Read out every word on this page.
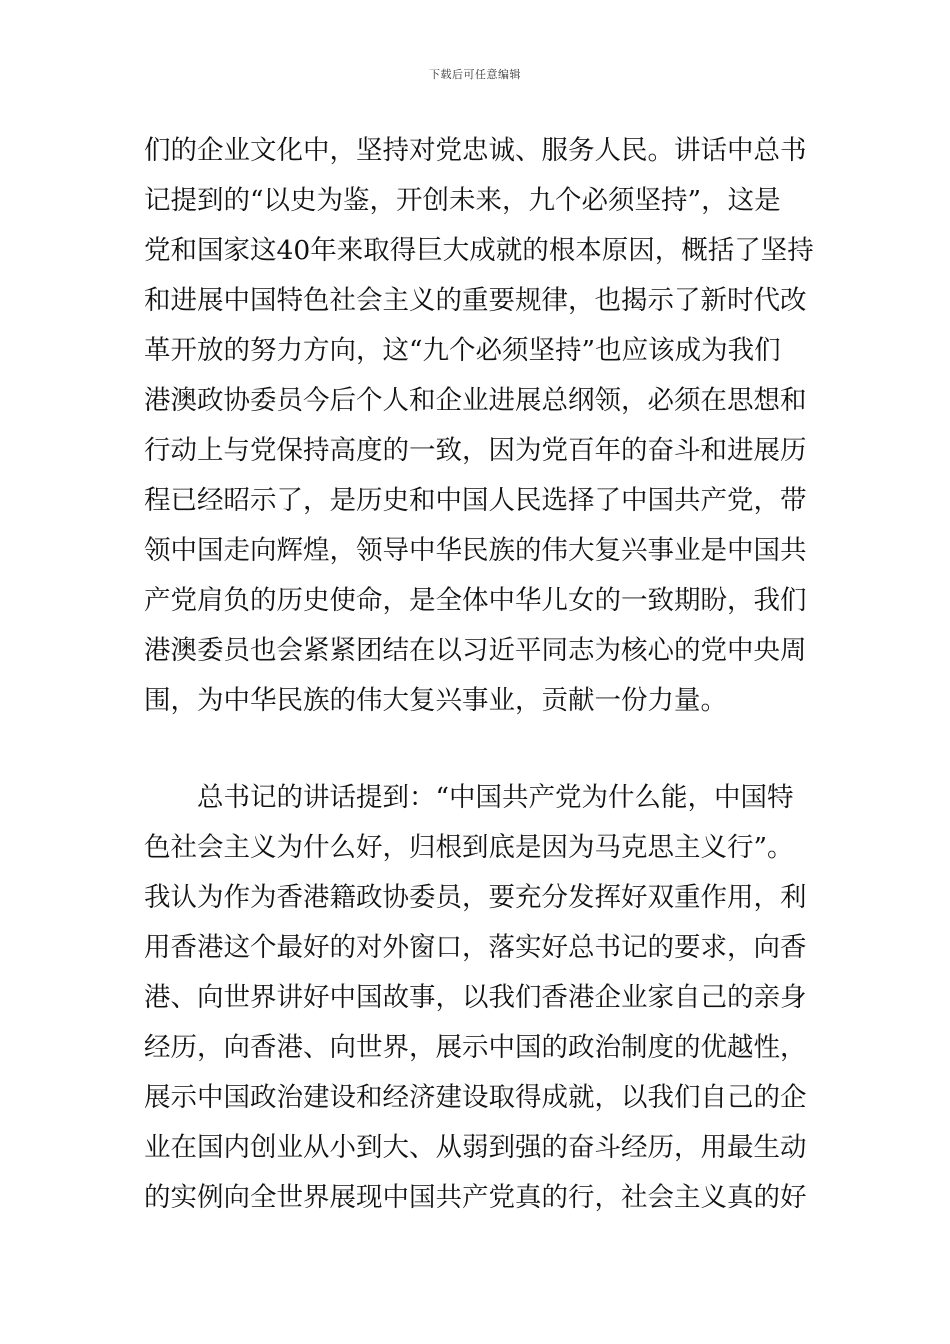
下载后可任意编辑
们的企业文化中，坚持对党忠诚、服务人民。讲话中总书
记提到的“以史为鉴，开创未来，九个必须坚持”，这是
党和国家这40年来取得巨大成就的根本原因，概括了坚持
和进展中国特色社会主义的重要规律，也揭示了新时代改
革开放的努力方向，这“九个必须坚持”也应该成为我们
港澳政协委员今后个人和企业进展总纲领，必须在思想和
行动上与党保持高度的一致，因为党百年的奋斗和进展历
程已经昭示了，是历史和中国人民选择了中国共产党，带
领中国走向辉煌，领导中华民族的伟大复兴事业是中国共
产党肩负的历史使命，是全体中华儿女的一致期盼，我们
港澳委员也会紧紧团结在以习近平同志为核心的党中央周
围，为中华民族的伟大复兴事业，贡献一份力量。
　　总书记的讲话提到：“中国共产党为什么能，中国特
色社会主义为什么好，归根到底是因为马克思主义行”。
我认为作为香港籍政协委员，要充分发挥好双重作用，利
用香港这个最好的对外窗口，落实好总书记的要求，向香
港、向世界讲好中国故事，以我们香港企业家自己的亲身
经历，向香港、向世界，展示中国的政治制度的优越性，
展示中国政治建设和经济建设取得成就，以我们自己的企
业在国内创业从小到大、从弱到强的奋斗经历，用最生动
的实例向全世界展现中国共产党真的行，社会主义真的好
